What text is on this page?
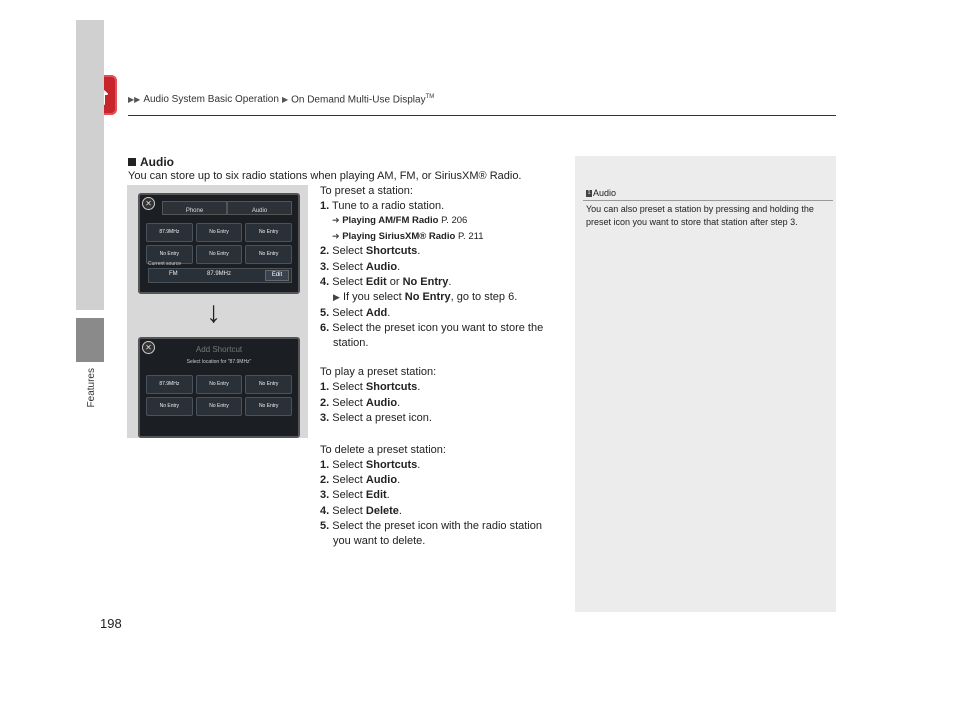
▶▶ Audio System Basic Operation ▶ On Demand Multi-Use Display™
Features
Audio
You can store up to six radio stations when playing AM, FM, or SiriusXM® Radio.
✕
Phone	Audio
87.9MHz	No Entry	No Entry
No Entry	No Entry	No Entry
Current source
FM	87.9MHz	Edit
✕	Add Shortcut
Select location for "87.9MHz"
87.9MHz	No Entry	No Entry
No Entry	No Entry	No Entry
↓
To preset a station:
1. Tune to a radio station.
➜ Playing AM/FM Radio P. 206
➜ Playing SiriusXM® Radio P. 211
2. Select Shortcuts.
3. Select Audio.
4. Select Edit or No Entry.
▶ If you select No Entry, go to step 6.
5. Select Add.
6. Select the preset icon you want to store the
station.
To play a preset station:
1. Select Shortcuts.
2. Select Audio.
3. Select a preset icon.
To delete a preset station:
1. Select Shortcuts.
2. Select Audio.
3. Select Edit.
4. Select Delete.
5. Select the preset icon with the radio station
you want to delete.
1 Audio
You can also preset a station by pressing and holding the preset icon you want to store that station after step 3.
198
